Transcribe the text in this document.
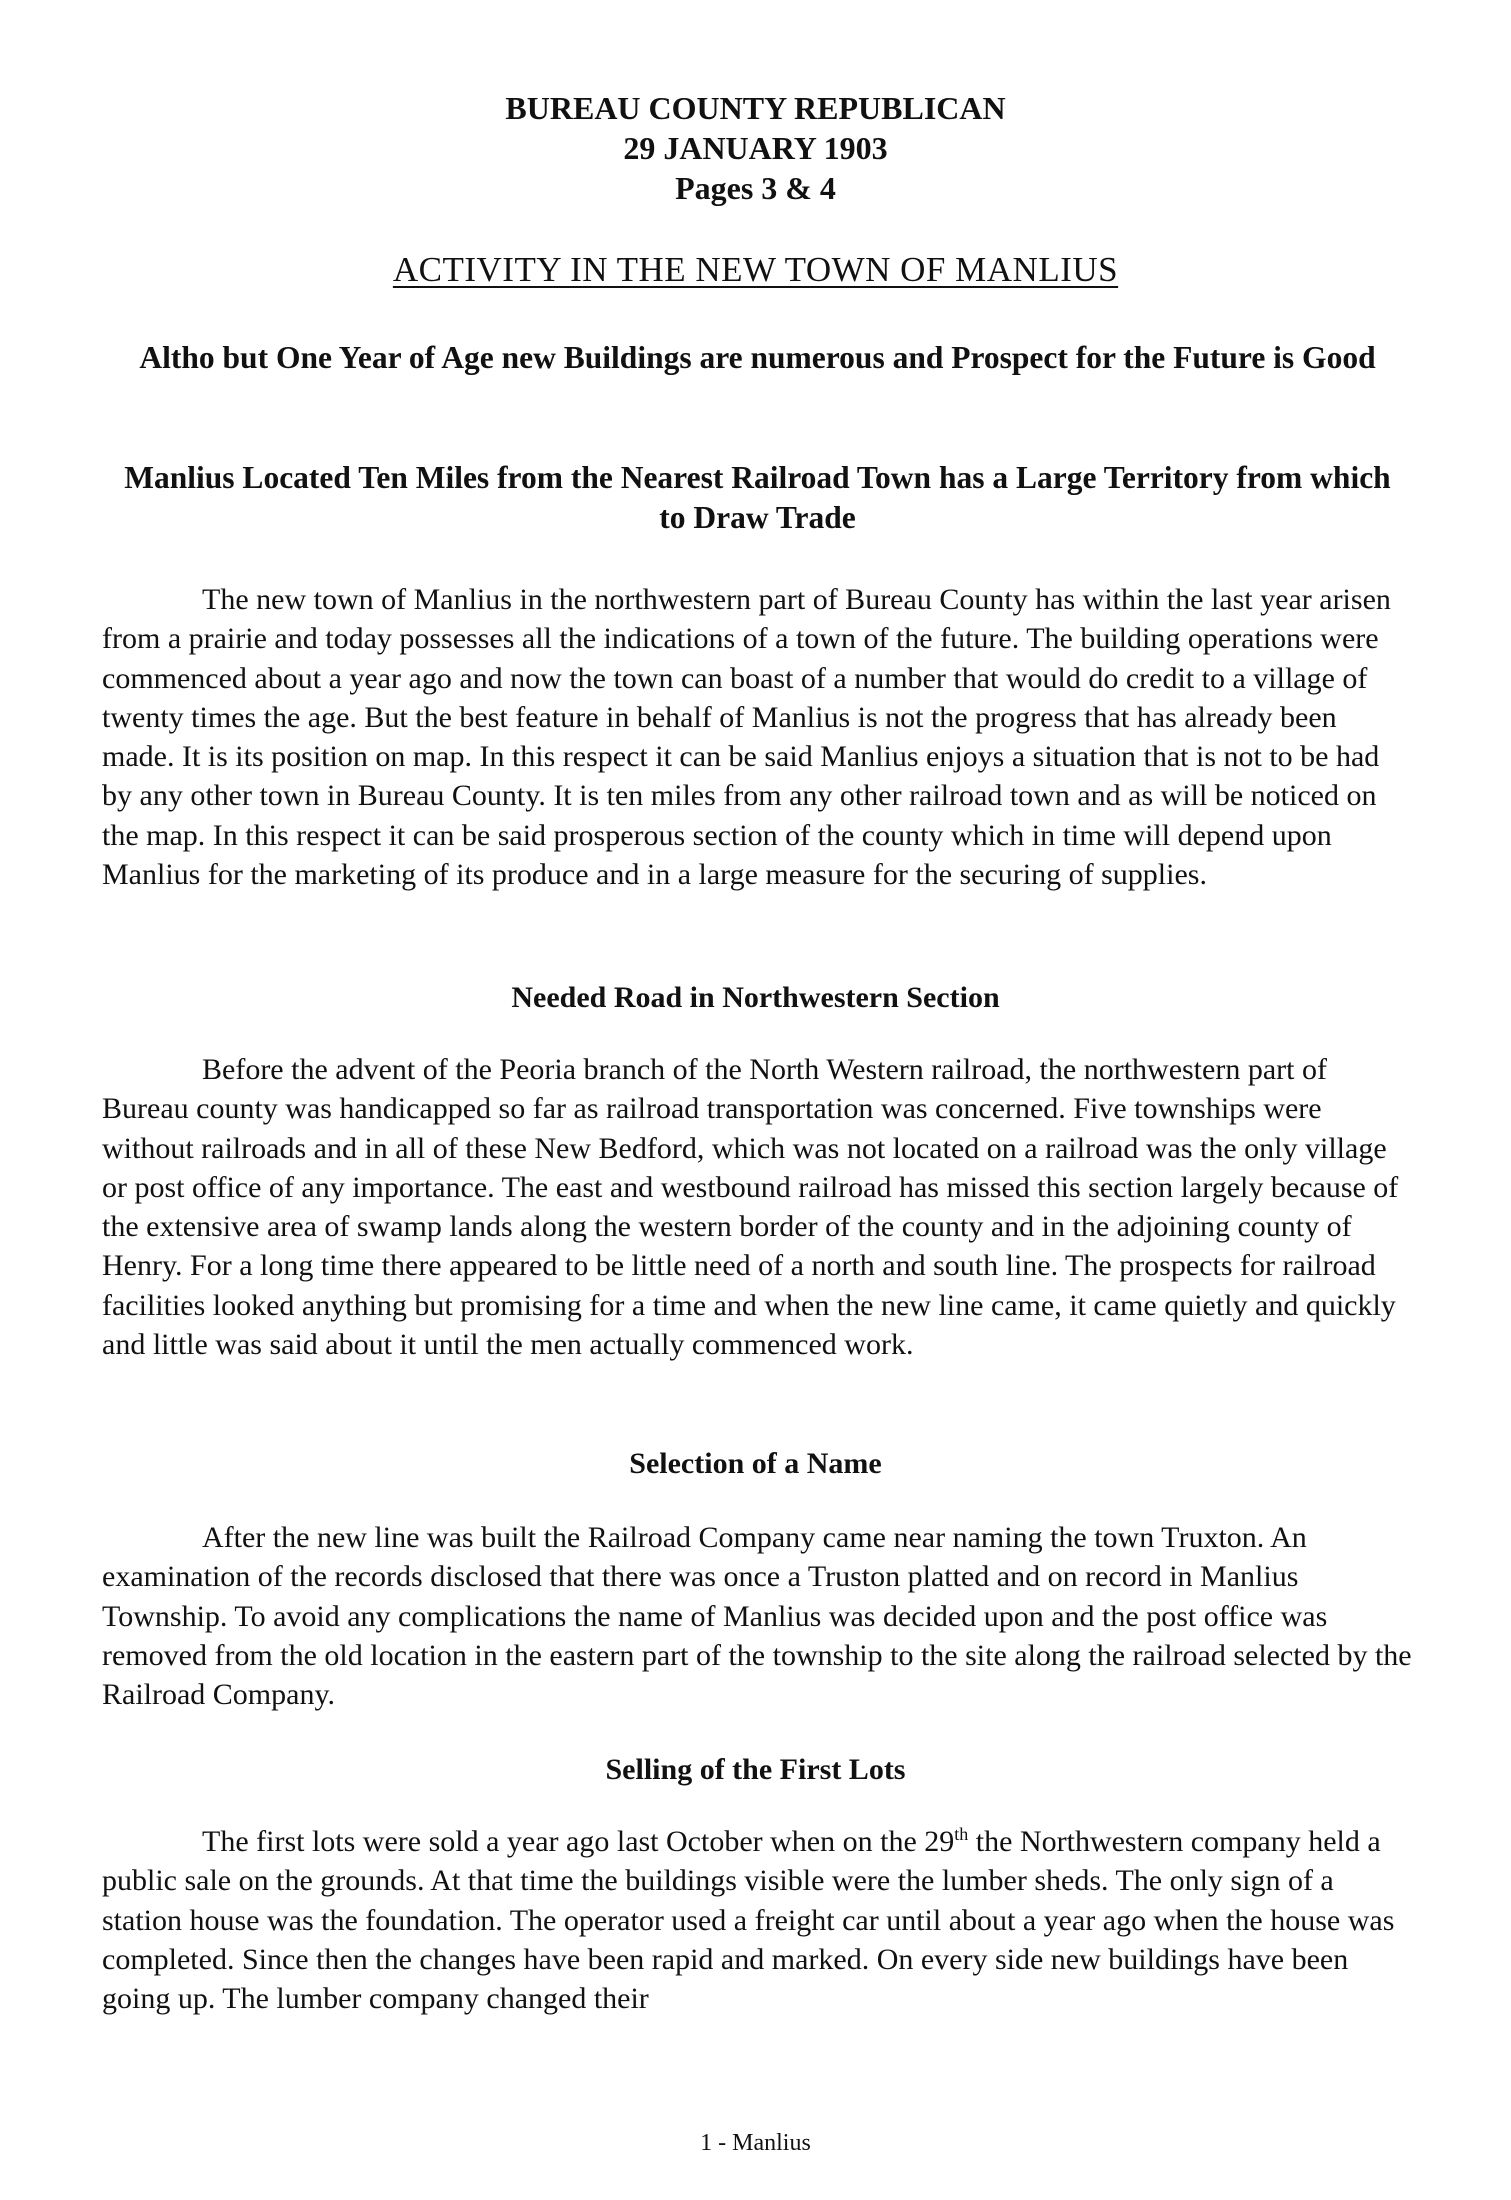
BUREAU COUNTY REPUBLICAN
29 JANUARY 1903
Pages 3 & 4
ACTIVITY IN THE NEW TOWN OF MANLIUS
Altho but One Year of Age new Buildings are numerous and Prospect for the Future is Good
Manlius Located Ten Miles from the Nearest Railroad Town has a Large Territory from which to Draw Trade

The new town of Manlius in the northwestern part of Bureau County has within the last year arisen from a prairie and today possesses all the indications of a town of the future. The building operations were commenced about a year ago and now the town can boast of a number that would do credit to a village of twenty times the age. But the best feature in behalf of Manlius is not the progress that has already been made. It is its position on map. In this respect it can be said Manlius enjoys a situation that is not to be had by any other town in Bureau County. It is ten miles from any other railroad town and as will be noticed on the map. In this respect it can be said prosperous section of the county which in time will depend upon Manlius for the marketing of its produce and in a large measure for the securing of supplies.

Needed Road in Northwestern Section

Before the advent of the Peoria branch of the North Western railroad, the northwestern part of Bureau county was handicapped so far as railroad transportation was concerned. Five townships were without railroads and in all of these New Bedford, which was not located on a railroad was the only village or post office of any importance. The east and westbound railroad has missed this section largely because of the extensive area of swamp lands along the western border of the county and in the adjoining county of Henry. For a long time there appeared to be little need of a north and south line. The prospects for railroad facilities looked anything but promising for a time and when the new line came, it came quietly and quickly and little was said about it until the men actually commenced work.

Selection of a Name

After the new line was built the Railroad Company came near naming the town Truxton. An examination of the records disclosed that there was once a Truston platted and on record in Manlius Township. To avoid any complications the name of Manlius was decided upon and the post office was removed from the old location in the eastern part of the township to the site along the railroad selected by the Railroad Company.

Selling of the First Lots

The first lots were sold a year ago last October when on the 29th the Northwestern company held a public sale on the grounds. At that time the buildings visible were the lumber sheds. The only sign of a station house was the foundation. The operator used a freight car until about a year ago when the house was completed. Since then the changes have been rapid and marked. On every side new buildings have been going up. The lumber company changed their

1 - Manlius
